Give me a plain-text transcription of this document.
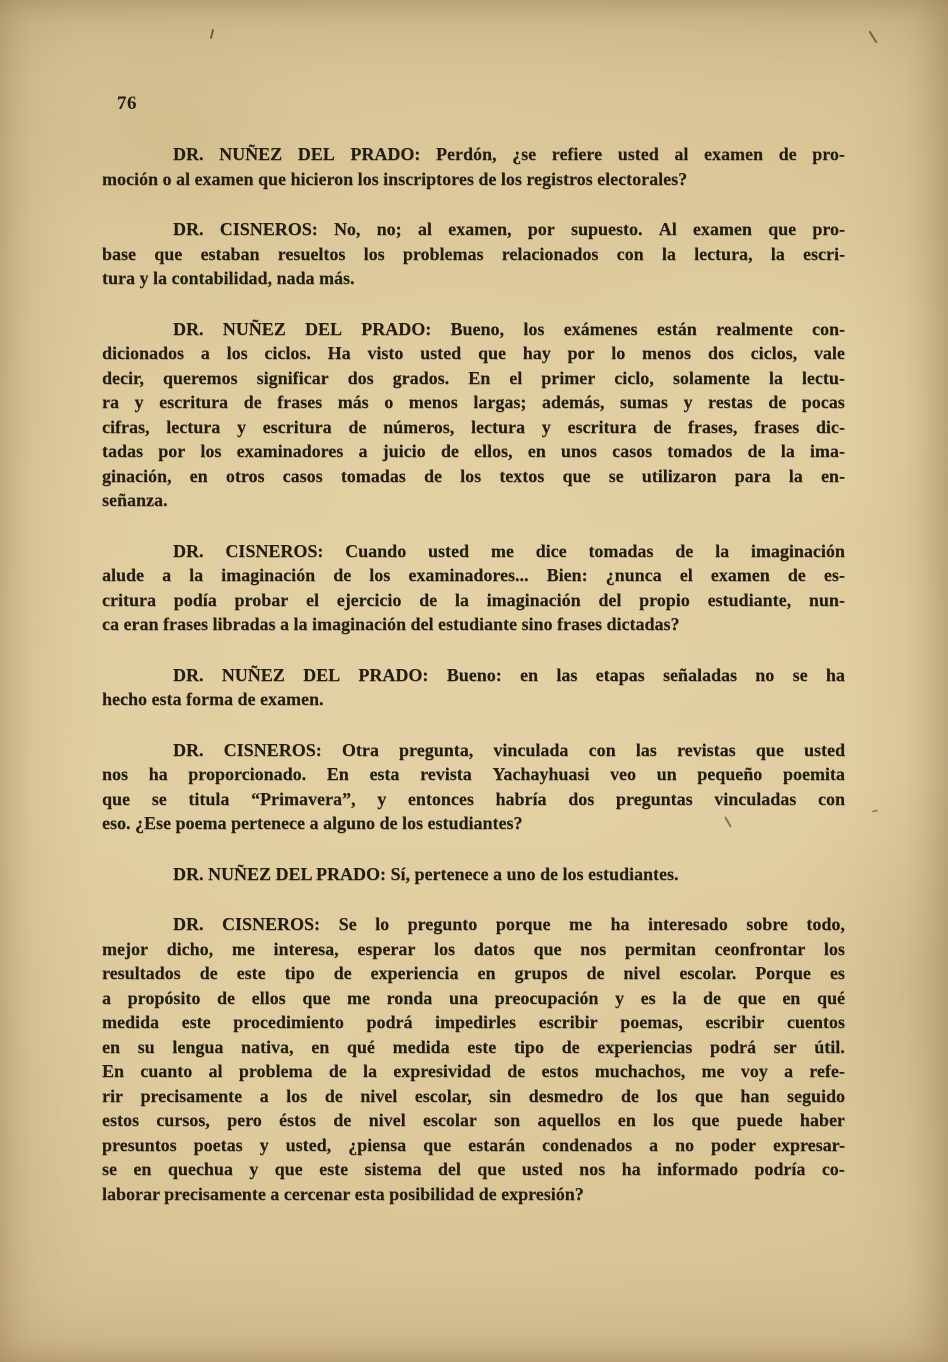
76
DR. NUÑEZ DEL PRADO: Perdón, ¿se refiere usted al examen de pro-
moción o al examen que hicieron los inscriptores de los registros electorales?
DR. CISNEROS: No, no; al examen, por supuesto. Al examen que pro-
base que estaban resueltos los problemas relacionados con la lectura, la escri-
tura y la contabilidad, nada más.
DR. NUÑEZ DEL PRADO: Bueno, los exámenes están realmente con-
dicionados a los ciclos. Ha visto usted que hay por lo menos dos ciclos, vale
decir, queremos significar dos grados. En el primer ciclo, solamente la lectu-
ra y escritura de frases más o menos largas; además, sumas y restas de pocas
cifras, lectura y escritura de números, lectura y escritura de frases, frases dic-
tadas por los examinadores a juicio de ellos, en unos casos tomados de la ima-
ginación, en otros casos tomadas de los textos que se utilizaron para la en-
señanza.
DR. CISNEROS: Cuando usted me dice tomadas de la imaginación
alude a la imaginación de los examinadores... Bien: ¿nunca el examen de es-
critura podía probar el ejercicio de la imaginación del propio estudiante, nun-
ca eran frases libradas a la imaginación del estudiante sino frases dictadas?
DR. NUÑEZ DEL PRADO: Bueno: en las etapas señaladas no se ha
hecho esta forma de examen.
DR. CISNEROS: Otra pregunta, vinculada con las revistas que usted
nos ha proporcionado. En esta revista Yachayhuasi veo un pequeño poemita
que se titula “Primavera”, y entonces habría dos preguntas vinculadas con
eso. ¿Ese poema pertenece a alguno de los estudiantes?
DR. NUÑEZ DEL PRADO: Sí, pertenece a uno de los estudiantes.
DR. CISNEROS: Se lo pregunto porque me ha interesado sobre todo,
mejor dicho, me interesa, esperar los datos que nos permitan ceonfrontar los
resultados de este tipo de experiencia en grupos de nivel escolar. Porque es
a propósito de ellos que me ronda una preocupación y es la de que en qué
medida este procedimiento podrá impedirles escribir poemas, escribir cuentos
en su lengua nativa, en qué medida este tipo de experiencias podrá ser útil.
En cuanto al problema de la expresividad de estos muchachos, me voy a refe-
rir precisamente a los de nivel escolar, sin desmedro de los que han seguido
estos cursos, pero éstos de nivel escolar son aquellos en los que puede haber
presuntos poetas y usted, ¿piensa que estarán condenados a no poder expresar-
se en quechua y que este sistema del que usted nos ha informado podría co-
laborar precisamente a cercenar esta posibilidad de expresión?
